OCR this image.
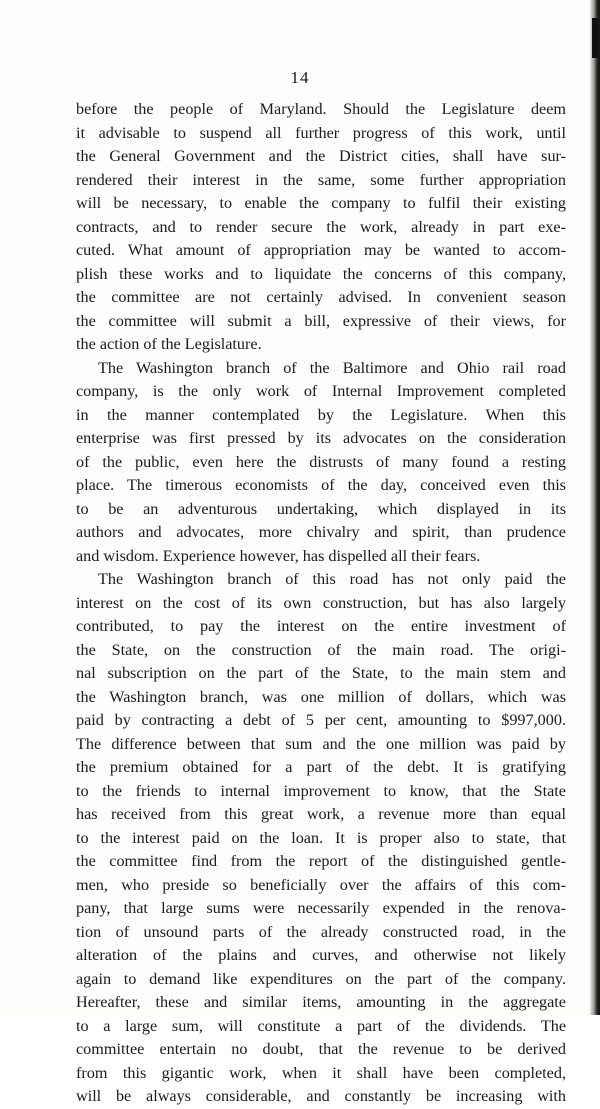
14
before the people of Maryland. Should the Legislature deem
it advisable to suspend all further progress of this work, until
the General Government and the District cities, shall have sur-
rendered their interest in the same, some further appropriation
will be necessary, to enable the company to fulfil their existing
contracts, and to render secure the work, already in part exe-
cuted. What amount of appropriation may be wanted to accom-
plish these works and to liquidate the concerns of this company,
the committee are not certainly advised. In convenient season
the committee will submit a bill, expressive of their views, for
the action of the Legislature.
The Washington branch of the Baltimore and Ohio rail road
company, is the only work of Internal Improvement completed
in the manner contemplated by the Legislature. When this
enterprise was first pressed by its advocates on the consideration
of the public, even here the distrusts of many found a resting
place. The timerous economists of the day, conceived even this
to be an adventurous undertaking, which displayed in its
authors and advocates, more chivalry and spirit, than prudence
and wisdom. Experience however, has dispelled all their fears.
The Washington branch of this road has not only paid the
interest on the cost of its own construction, but has also largely
contributed, to pay the interest on the entire investment of
the State, on the construction of the main road. The origi-
nal subscription on the part of the State, to the main stem and
the Washington branch, was one million of dollars, which was
paid by contracting a debt of 5 per cent, amounting to $997,000.
The difference between that sum and the one million was paid by
the premium obtained for a part of the debt. It is gratifying
to the friends to internal improvement to know, that the State
has received from this great work, a revenue more than equal
to the interest paid on the loan. It is proper also to state, that
the committee find from the report of the distinguished gentle-
men, who preside so beneficially over the affairs of this com-
pany, that large sums were necessarily expended in the renova-
tion of unsound parts of the already constructed road, in the
alteration of the plains and curves, and otherwise not likely
again to demand like expenditures on the part of the company.
Hereafter, these and similar items, amounting in the aggregate
to a large sum, will constitute a part of the dividends. The
committee entertain no doubt, that the revenue to be derived
from this gigantic work, when it shall have been completed,
will be always considerable, and constantly be increasing with
